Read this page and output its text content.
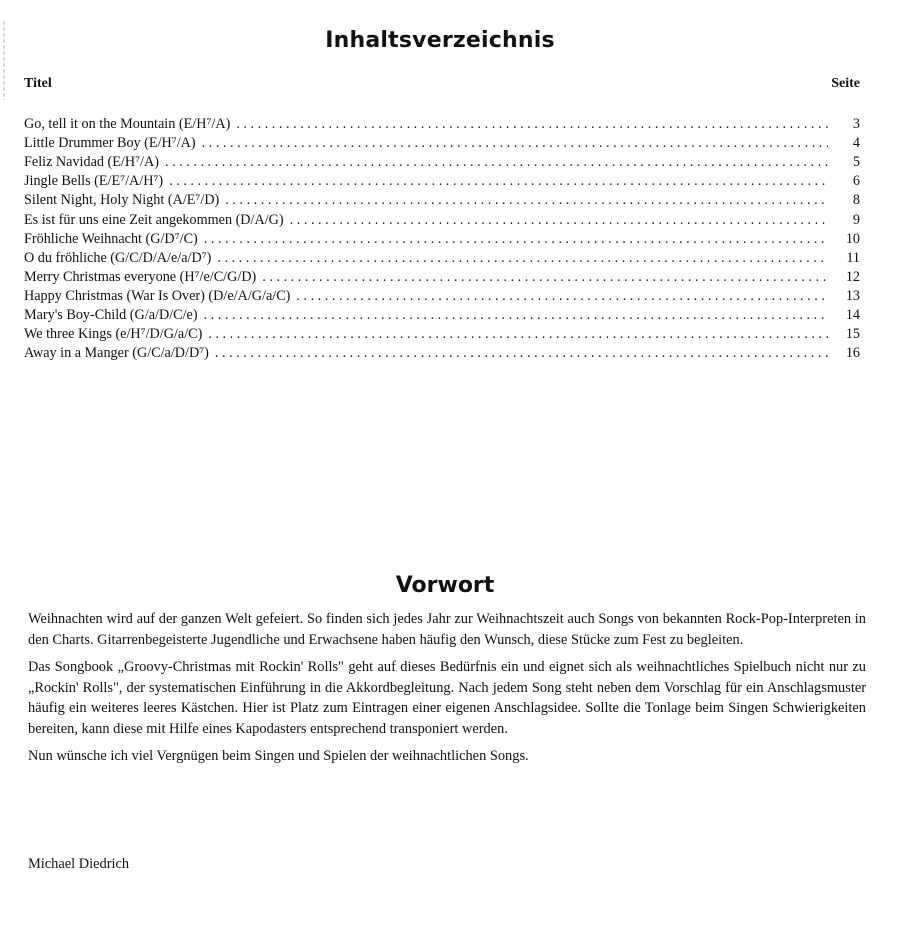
Inhaltsverzeichnis
Titel	Seite
Go, tell it on the Mountain (E/H⁷/A) . . .	3
Little Drummer Boy (E/H⁷/A) . . .	4
Feliz Navidad (E/H⁷/A) . . .	5
Jingle Bells (E/E⁷/A/H⁷) . . .	6
Silent Night, Holy Night (A/E⁷/D) . . .	8
Es ist für uns eine Zeit angekommen (D/A/G) . . .	9
Fröhliche Weihnacht (G/D⁷/C) . . .	10
O du fröhliche (G/C/D/A/e/a/D⁷) . . .	11
Merry Christmas everyone (H⁷/e/C/G/D) . . .	12
Happy Christmas (War Is Over) (D/e/A/G/a/C) . . .	13
Mary's Boy-Child (G/a/D/C/e) . . .	14
We three Kings (e/H⁷/D/G/a/C) . . .	15
Away in a Manger (G/C/a/D/D⁷) . . .	16
Vorwort

Weihnachten wird auf der ganzen Welt gefeiert. So finden sich jedes Jahr zur Weihnachtszeit auch Songs von bekannten Rock-Pop-Interpreten in den Charts. Gitarrenbegeisterte Jugendliche und Erwachsene haben häufig den Wunsch, diese Stücke zum Fest zu begleiten.

Das Songbook „Groovy-Christmas mit Rockin' Rolls" geht auf dieses Bedürfnis ein und eignet sich als weihnachtliches Spielbuch nicht nur zu „Rockin' Rolls", der systematischen Einführung in die Akkordbegleitung. Nach jedem Song steht neben dem Vorschlag für ein Anschlagsmuster häufig ein weiteres leeres Kästchen. Hier ist Platz zum Eintragen einer eigenen Anschlagsidee. Sollte die Tonlage beim Singen Schwierigkeiten bereiten, kann diese mit Hilfe eines Kapodasters entsprechend transponiert werden.

Nun wünsche ich viel Vergnügen beim Singen und Spielen der weihnachtlichen Songs.

Michael Diedrich
